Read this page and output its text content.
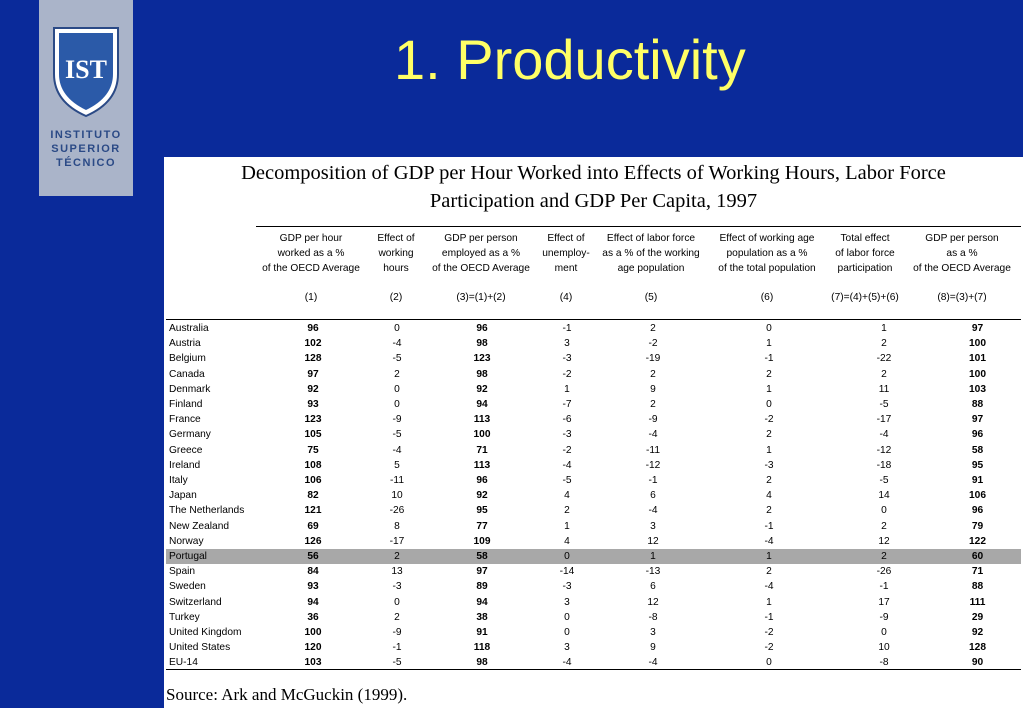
IST
INSTITUTO
SUPERIOR
TÉCNICO
1. Productivity
Decomposition of GDP per Hour Worked into Effects of Working Hours, Labor Force
Participation and GDP Per Capita, 1997
GDP per hour
worked as a %
of the OECD Average
(1)
Effect of
working
hours
(2)
GDP per person
employed as a %
of the OECD Average
(3)=(1)+(2)
Effect of
unemploy-
ment
(4)
Effect of labor force
as a % of the working
age population
(5)
Effect of working age
population as a %
of the total population
(6)
Total effect
of labor force
participation
(7)=(4)+(5)+(6)
GDP per person
as a %
of the OECD Average
(8)=(3)+(7)
Australia	96	0	96	-1	2	0	1	97
Austria	102	-4	98	3	-2	1	2	100
Belgium	128	-5	123	-3	-19	-1	-22	101
Canada	97	2	98	-2	2	2	2	100
Denmark	92	0	92	1	9	1	11	103
Finland	93	0	94	-7	2	0	-5	88
France	123	-9	113	-6	-9	-2	-17	97
Germany	105	-5	100	-3	-4	2	-4	96
Greece	75	-4	71	-2	-11	1	-12	58
Ireland	108	5	113	-4	-12	-3	-18	95
Italy	106	-11	96	-5	-1	2	-5	91
Japan	82	10	92	4	6	4	14	106
The Netherlands	121	-26	95	2	-4	2	0	96
New Zealand	69	8	77	1	3	-1	2	79
Norway	126	-17	109	4	12	-4	12	122
Portugal	56	2	58	0	1	1	2	60
Spain	84	13	97	-14	-13	2	-26	71
Sweden	93	-3	89	-3	6	-4	-1	88
Switzerland	94	0	94	3	12	1	17	111
Turkey	36	2	38	0	-8	-1	-9	29
United Kingdom	100	-9	91	0	3	-2	0	92
United States	120	-1	118	3	9	-2	10	128
EU-14	103	-5	98	-4	-4	0	-8	90
Source: Ark and McGuckin (1999).
